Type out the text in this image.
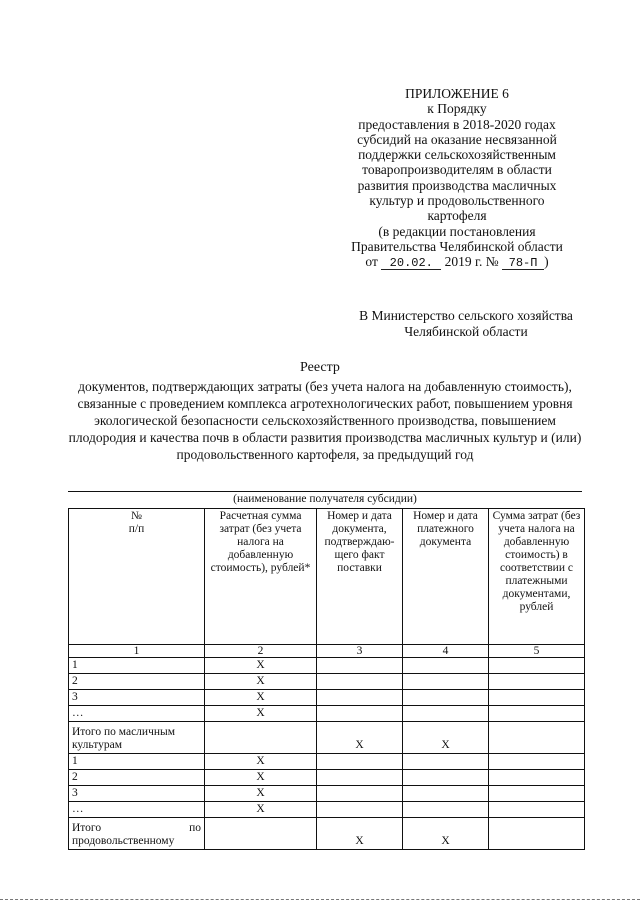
ПРИЛОЖЕНИЕ 6
к Порядку
предоставления в 2018-2020 годах
субсидий на оказание несвязанной
поддержки сельскохозяйственным
товаропроизводителям в области
развития производства масличных
культур и продовольственного
картофеля
(в редакции постановления
Правительства Челябинской области
от 20.02. 2019 г. № 78-П )
В Министерство сельского хозяйства
Челябинской области
Реестр
документов, подтверждающих затраты (без учета налога на добавленную стоимость), связанные с проведением комплекса агротехнологических работ, повышением уровня экологической безопасности сельскохозяйственного производства, повышением плодородия и качества почв в области развития производства масличных культур и (или) продовольственного картофеля, за предыдущий год
(наименование получателя субсидии)
№
п/п	Расчетная сумма затрат (без учета налога на добавленную стоимость), рублей*	Номер и дата документа, подтверждаю-щего факт поставки	Номер и дата платежного документа	Сумма затрат (без учета налога на добавленную стоимость) в соответствии с платежными документами, рублей
1	2	3	4	5
1	X			
2	X			
3	X			
…	X			

Итого по масличным
культурам		X	X	
1	X			
2	X			
3	X			
…	X			

Итого по
продовольственному		X	X	
